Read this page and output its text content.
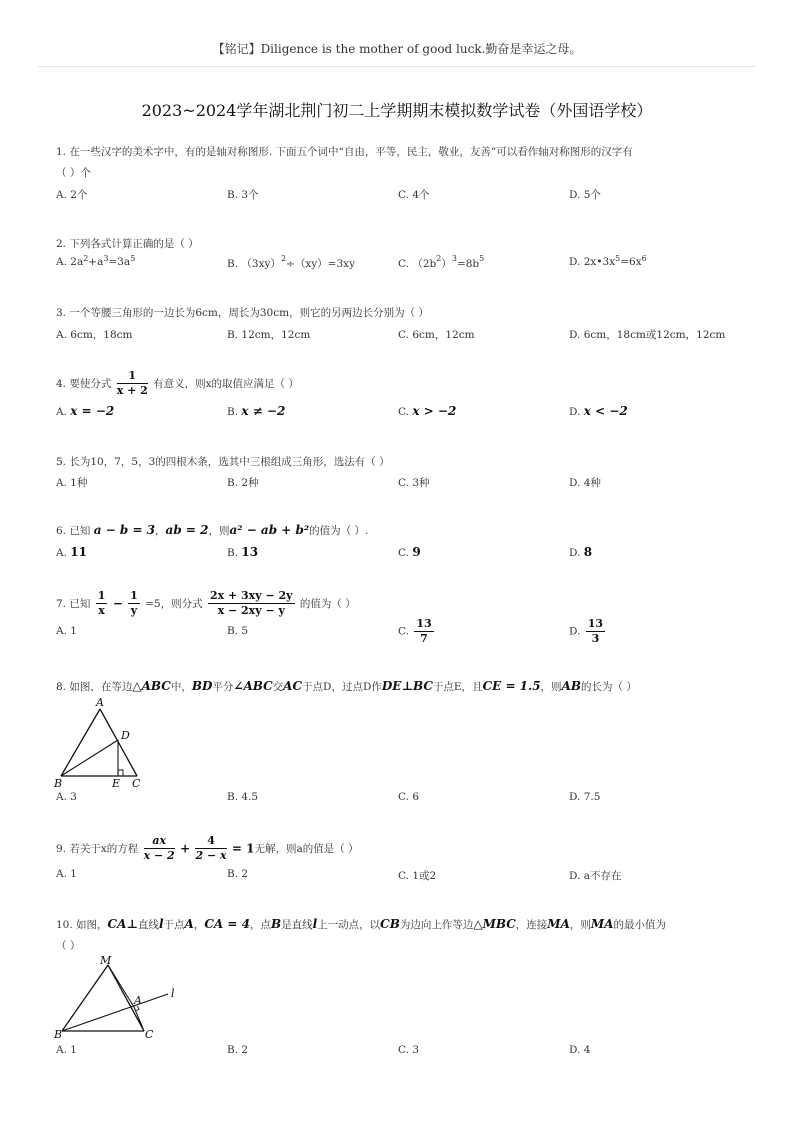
【铭记】Diligence is the mother of good luck.勤奋是幸运之母。
2023~2024学年湖北荆门初二上学期期末模拟数学试卷（外国语学校）
1. 在一些汉字的美术字中，有的是轴对称图形. 下面五个词中“自由，平等，民主，敬业，友善”可以看作轴对称图形的汉字有
（ ）个
A. 2个	B. 3个	C. 4个	D. 5个
2. 下列各式计算正确的是（ ）
A. $2a^2+a^3=3a^5$	B. $(3xy)^2\div(xy)=3xy$	C. $(2b^2)^3=8b^5$	D. $2x•3x^5=6x^6$
3. 一个等腰三角形的一边长为6cm，周长为30cm，则它的另两边长分别为（ ）
A. 6cm，18cm	B. 12cm，12cm	C. 6cm，12cm	D. 6cm，18cm或12cm，12cm
4. 要使分式 $\frac{1}{x + 2}$ 有意义，则x的取值应满足（ ）
A. x = −2	B. x ≠ −2	C. x > −2	D. x < −2
5. 长为10，7，5，3的四根木条，选其中三根组成三角形，选法有（ ）
A. 1种	B. 2种	C. 3种	D. 4种
6. 已知 a − b = 3，ab = 2，则a² − ab + b²的值为（ ）.
A. 11	B. 13	C. 9	D. 8
7. 已知 $\frac{1}{x} - \frac{1}{y} =5$，则分式 $\frac{2x + 3xy - 2y}{x - 2xy - y}$ 的值为（ ）
A. 1	B. 5	C. $\frac{13}{7}$	D. $\frac{13}{3}$
8. 如图，在等边△ABC中，BD平分∠ABC交AC于点D，过点D作DE⊥BC于点E，且CE = 1.5，则AB的长为（ ）
A
D
B	E C
A. 3	B. 4.5	C. 6	D. 7.5
9. 若关于x的方程 $\frac{ax}{x - 2} + \frac{4}{2 - x} = 1$无解，则a的值是（ ）
A. 1	B. 2	C. 1或2	D. a不存在
10. 如图，CA⊥直线l于点A，CA = 4，点B是直线l上一动点，以CB为边向上作等边△MBC，连接MA，则MA的最小值为
（ ）
M
A
l
B	C
A. 1	B. 2	C. 3	D. 4
